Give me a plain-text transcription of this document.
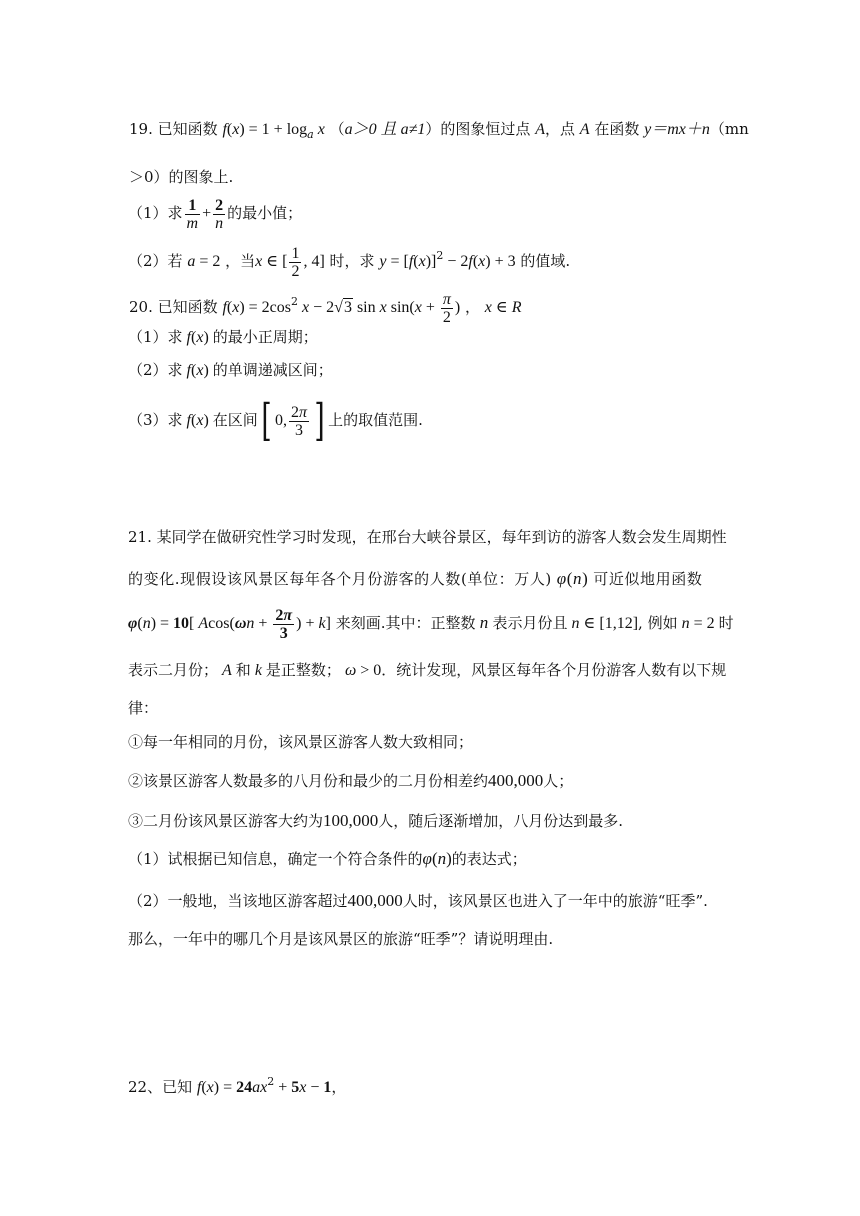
19. 已知函数 $f(x) = 1 + \log_a x$ （a＞0 且 a≠1）的图象恒过点 A，点 A 在函数 y＝mx＋n（mn
＞0）的图象上.
（1）求 $\frac{1}{m} + \frac{2}{n}$ 的最小值；
（2）若 a = 2 ，当x ∈ [ $\frac{1}{2}$ , 4] 时，求 $y = [f(x)]^2 - 2f(x) + 3$ 的值域.
20. 已知函数 $f(x) = 2\cos^2$ x − 2√3 sin x $\sin(x + \frac{\pi}{2}$ ) ， x ∈ R
（1）求 f(x) 的最小正周期；
（2）求 f(x) 的单调递减区间；
（3）求 f(x) 在区间[ 0, $\frac{2\pi}{3}$ ] 上的取值范围.
21. 某同学在做研究性学习时发现，在邢台大峡谷景区，每年到访的游客人数会发生周期性
的变化.现假设该风景区每年各个月份游客的人数(单位：万人) φ(n) 可近似地用函数
φ(n) = 10[ $Acos(\omega n + \frac{2\pi}{3}$ ) + k] 来刻画.其中：正整数 n 表示月份且 n ∈ [1,12], 例如 n = 2 时
表示二月份； A 和 k 是正整数； ω > 0．统计发现，风景区每年各个月份游客人数有以下规
律：
①每一年相同的月份，该风景区游客人数大致相同；
②该景区游客人数最多的八月份和最少的二月份相差约400,000人；
③二月份该风景区游客大约为100,000人，随后逐渐增加，八月份达到最多.
（1）试根据已知信息，确定一个符合条件的φ(n)的表达式；
（2）一般地，当该地区游客超过400,000人时，该风景区也进入了一年中的旅游“旺季”.
那么，一年中的哪几个月是该风景区的旅游“旺季”？请说明理由.
22、已知 $f(x) = 24ax^2 + 5x - 1$，
